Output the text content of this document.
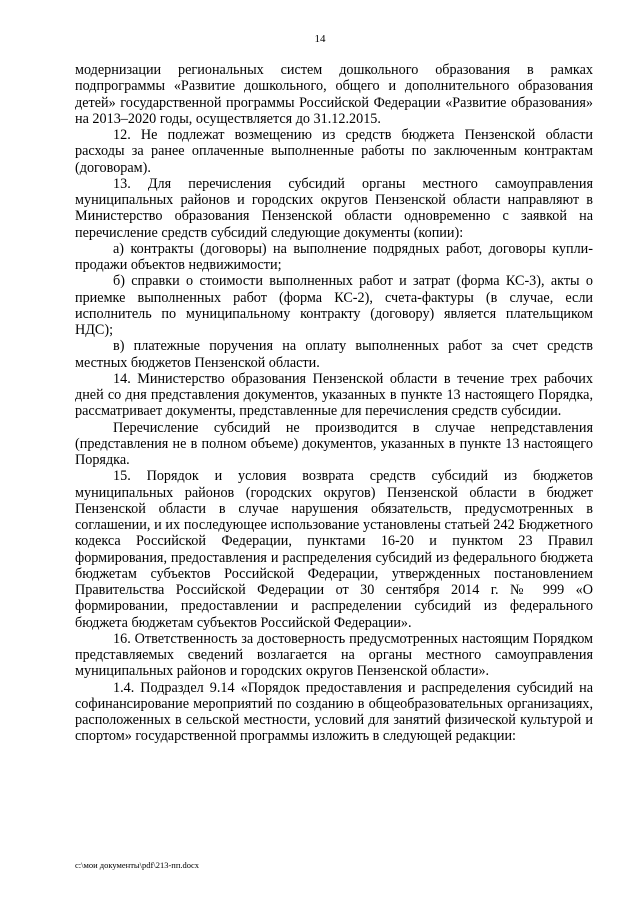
14

модернизации региональных систем дошкольного образования в рамках подпрограммы «Развитие дошкольного, общего и дополнительного образования детей» государственной программы Российской Федерации «Развитие образования» на 2013–2020 годы, осуществляется до 31.12.2015.

12. Не подлежат возмещению из средств бюджета Пензенской области расходы за ранее оплаченные выполненные работы по заключенным контрактам (договорам).

13. Для перечисления субсидий органы местного самоуправления муниципальных районов и городских округов Пензенской области направляют в Министерство образования Пензенской области одновременно с заявкой на перечисление средств субсидий следующие документы (копии):

а) контракты (договоры) на выполнение подрядных работ, договоры купли-продажи объектов недвижимости;

б) справки о стоимости выполненных работ и затрат (форма КС-3), акты о приемке выполненных работ (форма КС-2), счета-фактуры (в случае, если исполнитель по муниципальному контракту (договору) является плательщиком НДС);

в) платежные поручения на оплату выполненных работ за счет средств местных бюджетов Пензенской области.

14. Министерство образования Пензенской области в течение трех рабочих дней со дня представления документов, указанных в пункте 13 настоящего Порядка, рассматривает документы, представленные для перечисления средств субсидии.

Перечисление субсидий не производится в случае непредставления (представления не в полном объеме) документов, указанных в пункте 13 настоящего Порядка.

15. Порядок и условия возврата средств субсидий из бюджетов муниципальных районов (городских округов) Пензенской области в бюджет Пензенской области в случае нарушения обязательств, предусмотренных в соглашении, и их последующее использование установлены статьей 242 Бюджетного кодекса Российской Федерации, пунктами 16-20 и пунктом 23 Правил формирования, предоставления и распределения субсидий из федерального бюджета бюджетам субъектов Российской Федерации, утвержденных постановлением Правительства Российской Федерации от 30 сентября 2014 г. № 999 «О формировании, предоставлении и распределении субсидий из федерального бюджета бюджетам субъектов Российской Федерации».

16. Ответственность за достоверность предусмотренных настоящим Порядком представляемых сведений возлагается на органы местного самоуправления муниципальных районов и городских округов Пензенской области».

1.4. Подраздел 9.14 «Порядок предоставления и распределения субсидий на софинансирование мероприятий по созданию в общеобразовательных организациях, расположенных в сельской местности, условий для занятий физической культурой и спортом» государственной программы изложить в следующей редакции:

c:\мои документы\pdf\213-пп.docx
